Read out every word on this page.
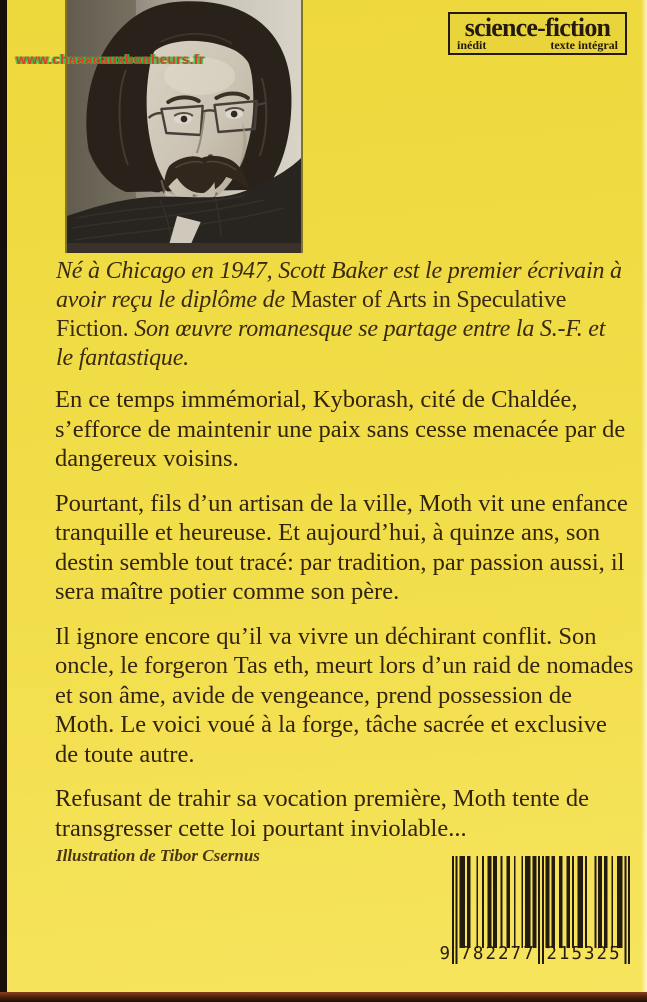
www.chasseauxbonheurs.fr
science-fiction
inédit	texte intégral

Né à Chicago en 1947, Scott Baker est le premier écrivain à avoir reçu le diplôme de Master of Arts in Speculative Fiction. Son œuvre romanesque se partage entre la S.-F. et le fantastique.

En ce temps immémorial, Kyborash, cité de Chaldée, s’efforce de maintenir une paix sans cesse menacée par de dangereux voisins.

Pourtant, fils d’un artisan de la ville, Moth vit une enfance tranquille et heureuse. Et aujourd’hui, à quinze ans, son destin semble tout tracé: par tradition, par passion aussi, il sera maître potier comme son père.

Il ignore encore qu’il va vivre un déchirant conflit. Son oncle, le forgeron Tas eth, meurt lors d’un raid de nomades et son âme, avide de vengeance, prend possession de Moth. Le voici voué à la forge, tâche sacrée et exclusive de toute autre.

Refusant de trahir sa vocation première, Moth tente de transgresser cette loi pourtant inviolable...

Illustration de Tibor Csernus

9 782277 215325
